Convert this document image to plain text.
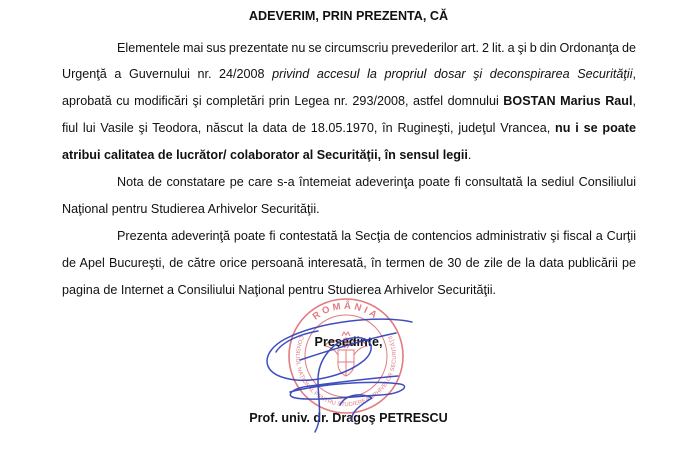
ROMÂNIA
CONSILIUL NAŢIONAL PENTRU STUDIEREA ARHIVELOR SECURITĂŢII
ADEVERIM, PRIN PREZENTA, CĂ
Elementele mai sus prezentate nu se circumscriu prevederilor art. 2 lit. a şi b din Ordonanţa de
Urgenţă a Guvernului nr. 24/2008 privind accesul la propriul dosar şi deconspirarea Securităţii,
aprobată cu modificări şi completări prin Legea nr. 293/2008, astfel domnului BOSTAN Marius Raul,
fiul lui Vasile şi Teodora, născut la data de 18.05.1970, în Rugineşti, judeţul Vrancea, nu i se poate
atribui calitatea de lucrător/ colaborator al Securităţii, în sensul legii.
Nota de constatare pe care s-a întemeiat adeverinţa poate fi consultată la sediul Consiliului
Naţional pentru Studierea Arhivelor Securităţii.
Prezenta adeverinţă poate fi contestată la Secţia de contencios administrativ şi fiscal a Curţii
de Apel Bucureşti, de către orice persoană interesată, în termen de 30 de zile de la data publicării pe
pagina de Internet a Consiliului Naţional pentru Studierea Arhivelor Securităţii.
Preşedinte,
Prof. univ. dr. Dragoş PETRESCU
